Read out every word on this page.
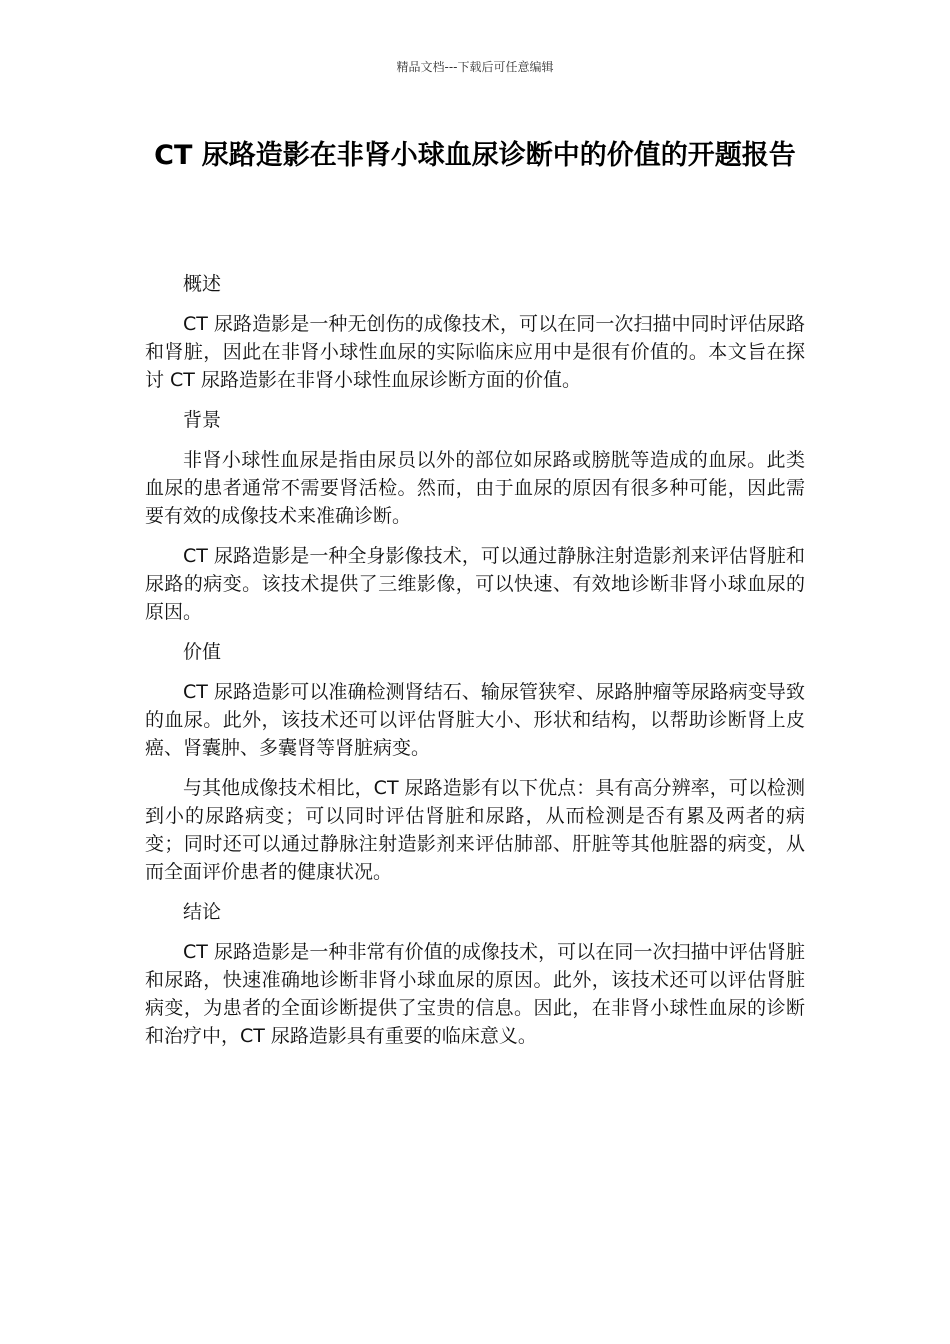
精品文档---下载后可任意编辑
CT 尿路造影在非肾小球血尿诊断中的价值的开题报告

概述

CT 尿路造影是一种无创伤的成像技术，可以在同一次扫描中同时评估尿路和肾脏，因此在非肾小球性血尿的实际临床应用中是很有价值的。本文旨在探讨 CT 尿路造影在非肾小球性血尿诊断方面的价值。

背景

非肾小球性血尿是指由尿员以外的部位如尿路或膀胱等造成的血尿。此类血尿的患者通常不需要肾活检。然而，由于血尿的原因有很多种可能，因此需要有效的成像技术来准确诊断。

CT 尿路造影是一种全身影像技术，可以通过静脉注射造影剂来评估肾脏和尿路的病变。该技术提供了三维影像，可以快速、有效地诊断非肾小球血尿的原因。

价值

CT 尿路造影可以准确检测肾结石、输尿管狭窄、尿路肿瘤等尿路病变导致的血尿。此外，该技术还可以评估肾脏大小、形状和结构，以帮助诊断肾上皮癌、肾囊肿、多囊肾等肾脏病变。

与其他成像技术相比，CT 尿路造影有以下优点：具有高分辨率，可以检测到小的尿路病变；可以同时评估肾脏和尿路，从而检测是否有累及两者的病变；同时还可以通过静脉注射造影剂来评估肺部、肝脏等其他脏器的病变，从而全面评价患者的健康状况。

结论

CT 尿路造影是一种非常有价值的成像技术，可以在同一次扫描中评估肾脏和尿路，快速准确地诊断非肾小球血尿的原因。此外，该技术还可以评估肾脏病变，为患者的全面诊断提供了宝贵的信息。因此，在非肾小球性血尿的诊断和治疗中，CT 尿路造影具有重要的临床意义。
